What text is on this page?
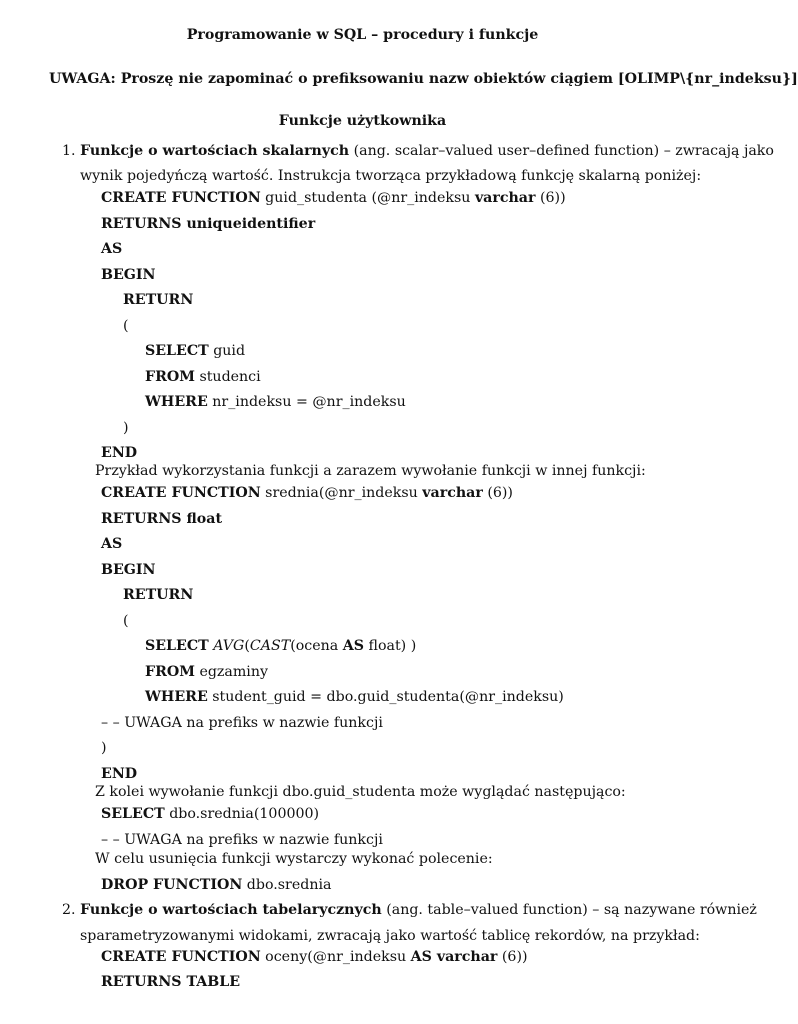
Programowanie w SQL – procedury i funkcje
UWAGA: Proszę nie zapominać o prefiksowaniu nazw obiektów ciągiem [OLIMP\{nr_indeksu}]
Funkcje użytkownika
1. Funkcje o wartościach skalarnych (ang. scalar–valued user–defined function) – zwracają jako
wynik pojedyńczą wartość. Instrukcja tworząca przykładową funkcję skalarną poniżej:
CREATE FUNCTION guid_studenta (@nr_indeksu varchar (6))
RETURNS uniqueidentifier
AS
BEGIN
RETURN
(
SELECT guid
FROM studenci
WHERE nr_indeksu = @nr_indeksu
)
END
Przykład wykorzystania funkcji a zarazem wywołanie funkcji w innej funkcji:
CREATE FUNCTION srednia(@nr_indeksu varchar (6))
RETURNS float
AS
BEGIN
RETURN
(
SELECT AVG(CAST(ocena AS float) )
FROM egzaminy
WHERE student_guid = dbo.guid_studenta(@nr_indeksu)
– – UWAGA na prefiks w nazwie funkcji
)
END
Z kolei wywołanie funkcji dbo.guid_studenta może wyglądać następująco:
SELECT dbo.srednia(100000)
– – UWAGA na prefiks w nazwie funkcji
W celu usunięcia funkcji wystarczy wykonać polecenie:
DROP FUNCTION dbo.srednia
2. Funkcje o wartościach tabelarycznych (ang. table–valued function) – są nazywane również
sparametryzowanymi widokami, zwracają jako wartość tablicę rekordów, na przykład:
CREATE FUNCTION oceny(@nr_indeksu AS varchar (6))
RETURNS TABLE
